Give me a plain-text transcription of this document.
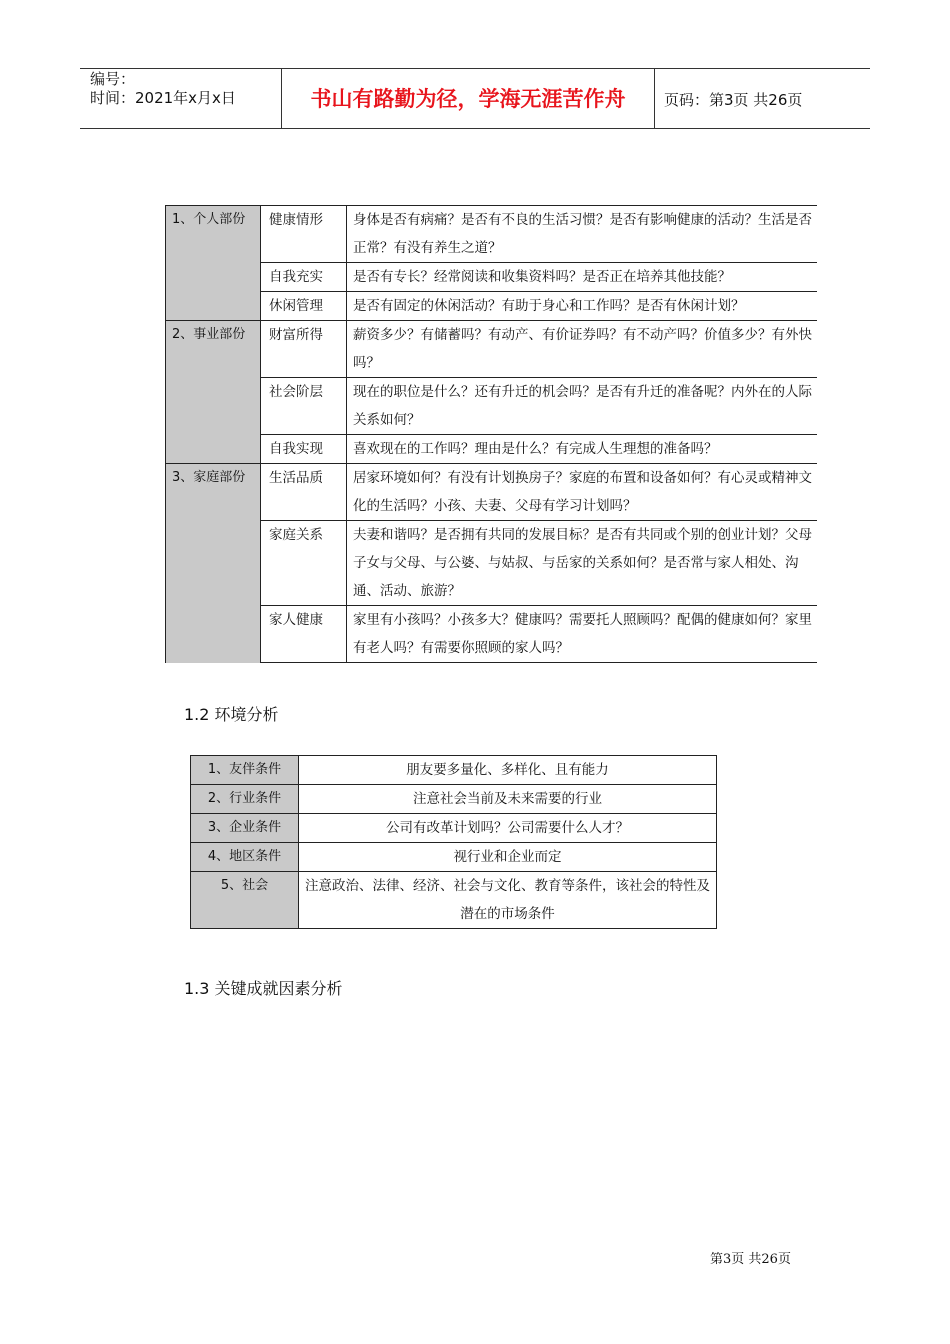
编号：
时间：2021年x月x日	书山有路勤为径，学海无涯苦作舟	页码：第3页 共26页
1、个人部份	健康情形	身体是否有病痛？是否有不良的生活习惯？是否有影响健康的活动？生活是否正常？有没有养生之道？
	自我充实	是否有专长？经常阅读和收集资料吗？是否正在培养其他技能？
	休闲管理	是否有固定的休闲活动？有助于身心和工作吗？是否有休闲计划？
2、事业部份	财富所得	薪资多少？有储蓄吗？有动产、有价证券吗？有不动产吗？价值多少？有外快吗？
	社会阶层	现在的职位是什么？还有升迁的机会吗？是否有升迁的准备呢？内外在的人际关系如何？
	自我实现	喜欢现在的工作吗？理由是什么？有完成人生理想的准备吗？
3、家庭部份	生活品质	居家环境如何？有没有计划换房子？家庭的布置和设备如何？有心灵或精神文化的生活吗？小孩、夫妻、父母有学习计划吗？
	家庭关系	夫妻和谐吗？是否拥有共同的发展目标？是否有共同或个别的创业计划？父母子女与父母、与公婆、与姑叔、与岳家的关系如何？是否常与家人相处、沟通、活动、旅游？
	家人健康	家里有小孩吗？小孩多大？健康吗？需要托人照顾吗？配偶的健康如何？家里有老人吗？有需要你照顾的家人吗？
1.2 环境分析
1、友伴条件	朋友要多量化、多样化、且有能力
2、行业条件	注意社会当前及未来需要的行业
3、企业条件	公司有改革计划吗？公司需要什么人才？
4、地区条件	视行业和企业而定
5、社会	注意政治、法律、经济、社会与文化、教育等条件，该社会的特性及潜在的市场条件
1.3 关键成就因素分析
第3页 共26页
